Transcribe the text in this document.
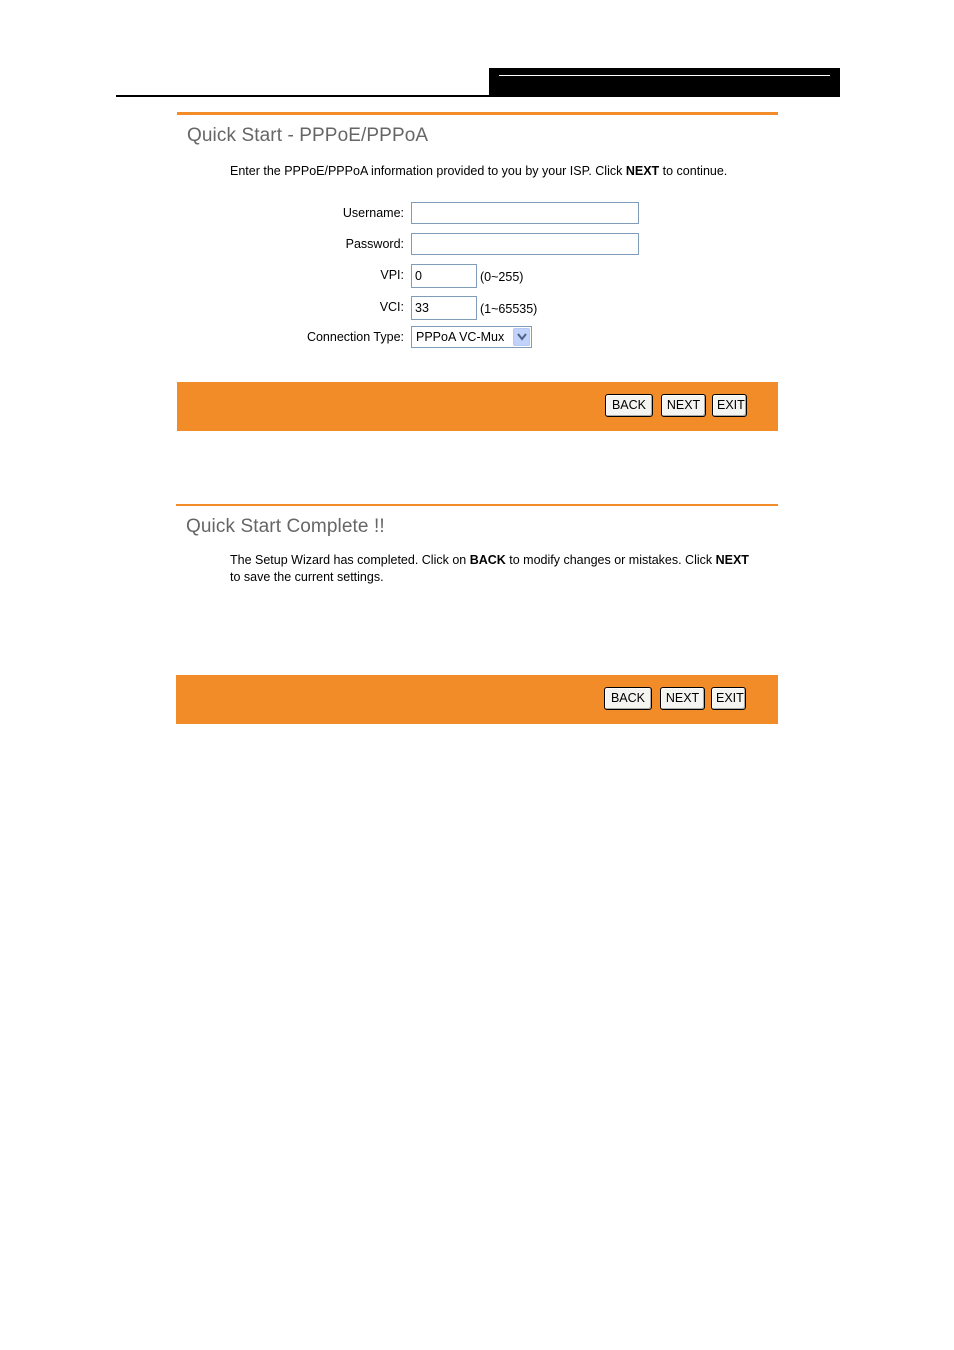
Quick Start - PPPoE/PPPoA
Enter the PPPoE/PPPoA information provided to you by your ISP. Click NEXT to continue.
Username:
Password:
VPI:
0	(0~255)
VCI:
33	(1~65535)
Connection Type: PPPoA VC-Mux
BACK	NEXT	EXIT
Quick Start Complete !!
The Setup Wizard has completed. Click on BACK to modify changes or mistakes. Click NEXT
to save the current settings.
BACK	NEXT	EXIT
